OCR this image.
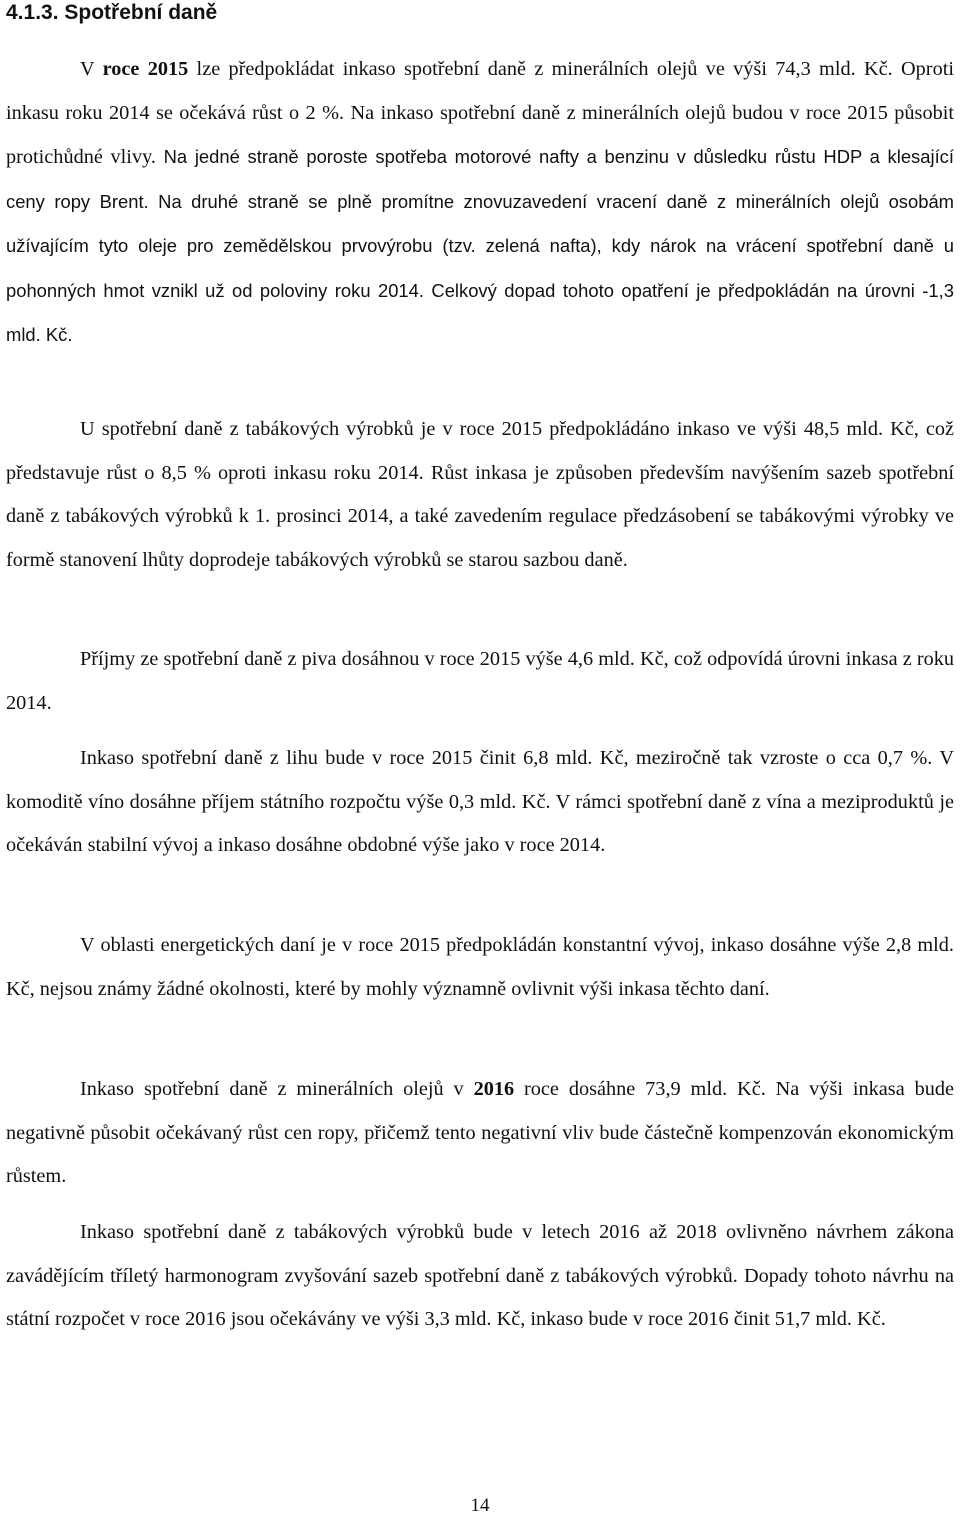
4.1.3. Spotřební daně

V roce 2015 lze předpokládat inkaso spotřební daně z minerálních olejů ve výši 74,3 mld. Kč. Oproti inkasu roku 2014 se očekává růst o 2 %. Na inkaso spotřební daně z minerálních olejů budou v roce 2015 působit protichůdné vlivy. Na jedné straně poroste spotřeba motorové nafty a benzinu v důsledku růstu HDP a klesající ceny ropy Brent. Na druhé straně se plně promítne znovuzavedení vracení daně z minerálních olejů osobám užívajícím tyto oleje pro zemědělskou prvovýrobu (tzv. zelená nafta), kdy nárok na vrácení spotřební daně u pohonných hmot vznikl už od poloviny roku 2014. Celkový dopad tohoto opatření je předpokládán na úrovni -1,3 mld. Kč.

U spotřební daně z tabákových výrobků je v roce 2015 předpokládáno inkaso ve výši 48,5 mld. Kč, což představuje růst o 8,5 % oproti inkasu roku 2014. Růst inkasa je způsoben především navýšením sazeb spotřební daně z tabákových výrobků k 1. prosinci 2014, a také zavedením regulace předzásobení se tabákovými výrobky ve formě stanovení lhůty doprodeje tabákových výrobků se starou sazbou daně.

Příjmy ze spotřební daně z piva dosáhnou v roce 2015 výše 4,6 mld. Kč, což odpovídá úrovni inkasa z roku 2014.

Inkaso spotřební daně z lihu bude v roce 2015 činit 6,8 mld. Kč, meziročně tak vzroste o cca 0,7 %. V komoditě víno dosáhne příjem státního rozpočtu výše 0,3 mld. Kč. V rámci spotřební daně z vína a meziproduktů je očekáván stabilní vývoj a inkaso dosáhne obdobné výše jako v roce 2014.

V oblasti energetických daní je v roce 2015 předpokládán konstantní vývoj, inkaso dosáhne výše 2,8 mld. Kč, nejsou známy žádné okolnosti, které by mohly významně ovlivnit výši inkasa těchto daní.

Inkaso spotřební daně z minerálních olejů v 2016 roce dosáhne 73,9 mld. Kč. Na výši inkasa bude negativně působit očekávaný růst cen ropy, přičemž tento negativní vliv bude částečně kompenzován ekonomickým růstem.

Inkaso spotřební daně z tabákových výrobků bude v letech 2016 až 2018 ovlivněno návrhem zákona zavádějícím tříletý harmonogram zvyšování sazeb spotřební daně z tabákových výrobků. Dopady tohoto návrhu na státní rozpočet v roce 2016 jsou očekávány ve výši 3,3 mld. Kč, inkaso bude v roce 2016 činit 51,7 mld. Kč.

14
